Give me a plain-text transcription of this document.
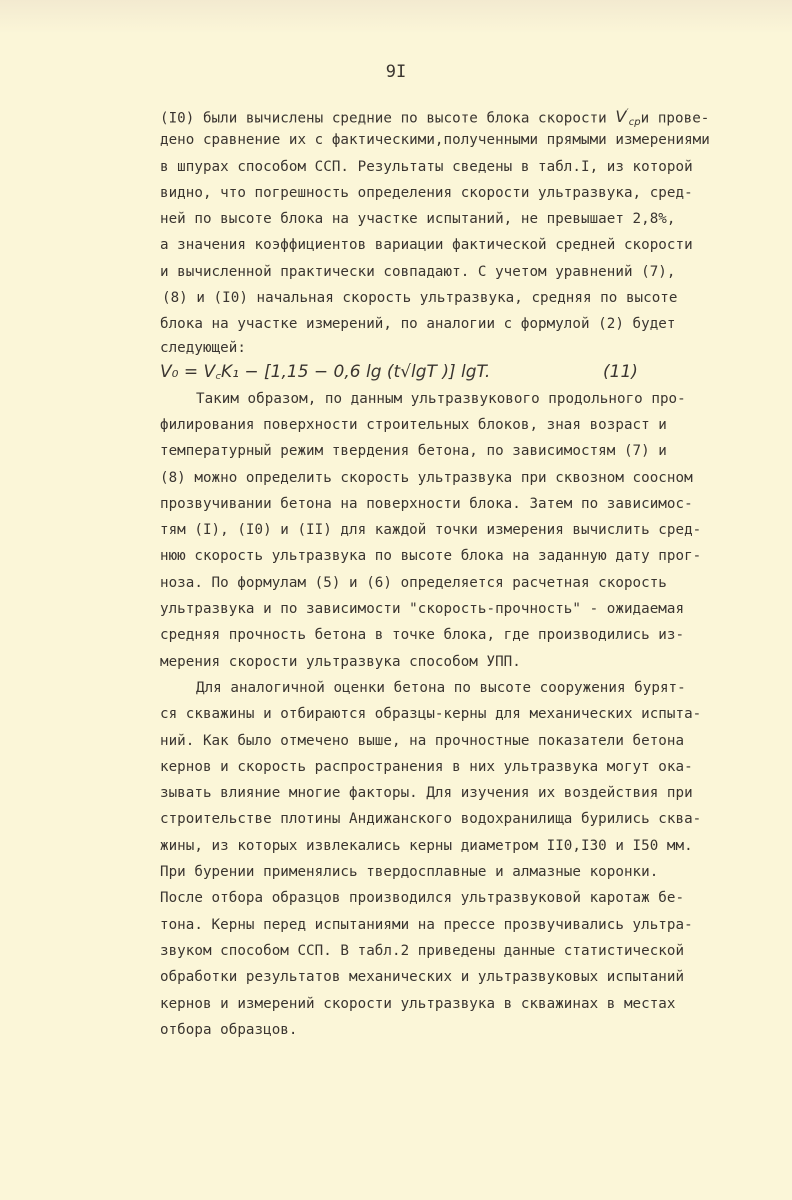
9I
(I0) были вычислены средние по высоте блока скорости $V'_{ср}и$ прове-
дено сравнение их с фактическими,полученными прямыми измерениями
в шпурах способом ССП. Результаты сведены в табл.I, из которой
видно, что погрешность определения скорости ультразвука, сред-
ней по высоте блока на участке испытаний, не превышает 2,8%,
а значения коэффициентов вариации фактической средней скорости
и вычисленной практически совпадают. С учетом уравнений (7),
(8) и (I0) начальная скорость ультразвука, средняя по высоте
блока на участке измерений, по аналогии с формулой (2) будет
следующей:
V₀ = V꜀K₁ − [1,15 − 0,6 lg (t√lgT )] lgT.	(11)
Таким образом, по данным ультразвукового продольного про-
филирования поверхности строительных блоков, зная возраст и
температурный режим твердения бетона, по зависимостям (7) и
(8) можно определить скорость ультразвука при сквозном соосном
прозвучивании бетона на поверхности блока. Затем по зависимос-
тям (I), (I0) и (II) для каждой точки измерения вычислить сред-
нюю скорость ультразвука по высоте блока на заданную дату прог-
ноза. По формулам (5) и (6) определяется расчетная скорость
ультразвука и по зависимости "скорость-прочность" - ожидаемая
средняя прочность бетона в точке блока, где производились из-
мерения скорости ультразвука способом УПП.
Для аналогичной оценки бетона по высоте сооружения бурят-
ся скважины и отбираются образцы-керны для механических испыта-
ний. Как было отмечено выше, на прочностные показатели бетона
кернов и скорость распространения в них ультразвука могут ока-
зывать влияние многие факторы. Для изучения их воздействия при
строительстве плотины Андижанского водохранилища бурились сква-
жины, из которых извлекались керны диаметром II0,I30 и I50 мм.
При бурении применялись твердосплавные и алмазные коронки.
После отбора образцов производился ультразвуковой каротаж бе-
тона. Керны перед испытаниями на прессе прозвучивались ультра-
звуком способом ССП. В табл.2 приведены данные статистической
обработки результатов механических и ультразвуковых испытаний
кернов и измерений скорости ультразвука в скважинах в местах
отбора образцов.
